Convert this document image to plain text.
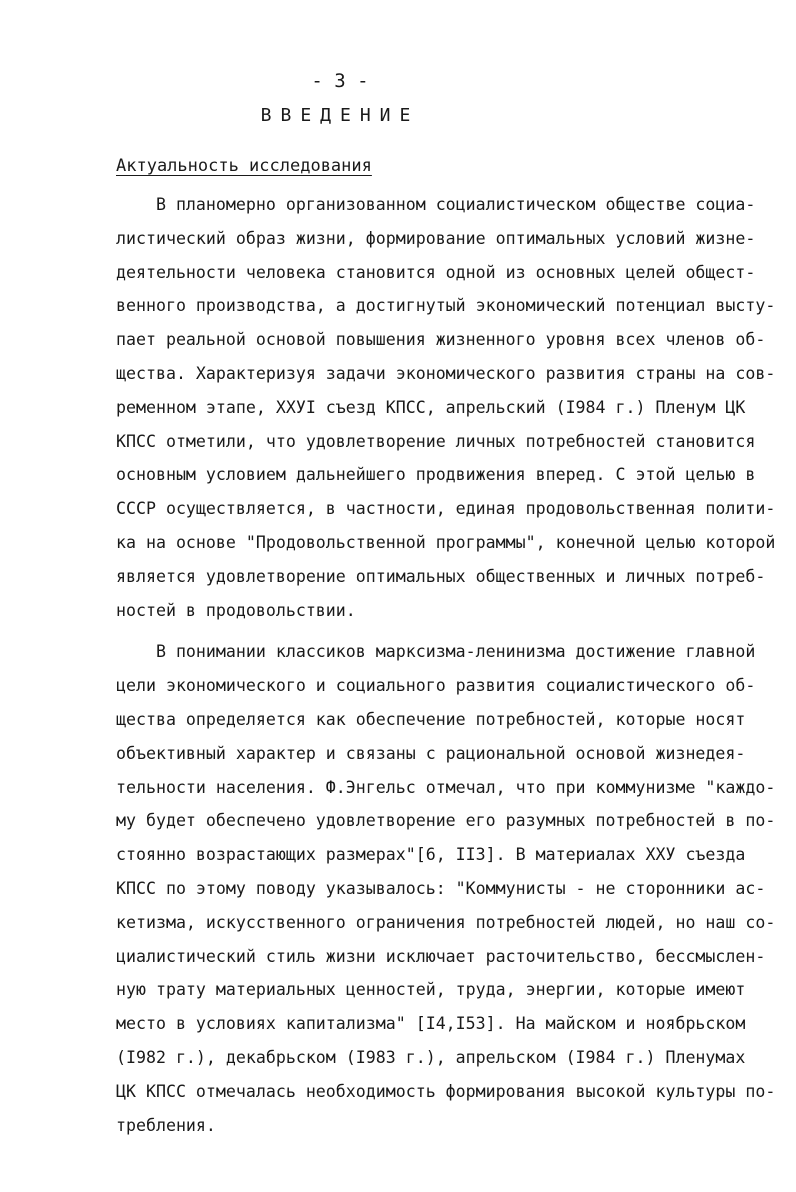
- 3 -
ВВЕДЕНИЕ
Актуальность исследования
В планомерно организованном социалистическом обществе социа-
листический образ жизни, формирование оптимальных условий жизне-
деятельности человека становится одной из основных целей общест-
венного производства, а достигнутый экономический потенциал высту-
пает реальной основой повышения жизненного уровня всех членов об-
щества. Характеризуя задачи экономического развития страны на сов-
ременном этапе, ХХУI съезд КПСС, апрельский (I984 г.) Пленум ЦК
КПСС отметили, что удовлетворение личных потребностей становится
основным условием дальнейшего продвижения вперед. С этой целью в
СССР осуществляется, в частности, единая продовольственная полити-
ка на основе "Продовольственной программы", конечной целью которой
является удовлетворение оптимальных общественных и личных потреб-
ностей в продовольствии.
В понимании классиков марксизма-ленинизма достижение главной
цели экономического и социального развития социалистического об-
щества определяется как обеспечение потребностей, которые носят
объективный характер и связаны с рациональной основой жизнедея-
тельности населения. Ф.Энгельс отмечал, что при коммунизме "каждо-
му будет обеспечено удовлетворение его разумных потребностей в по-
стоянно возрастающих размерах"[6, II3]. В материалах ХХУ съезда
КПСС по этому поводу указывалось: "Коммунисты - не сторонники ас-
кетизма, искусственного ограничения потребностей людей, но наш со-
циалистический стиль жизни исключает расточительство, бессмыслен-
ную трату материальных ценностей, труда, энергии, которые имеют
место в условиях капитализма" [I4,I53]. На майском и ноябрьском
(I982 г.), декабрьском (I983 г.), апрельском (I984 г.) Пленумах
ЦК КПСС отмечалась необходимость формирования высокой культуры по-
требления.
